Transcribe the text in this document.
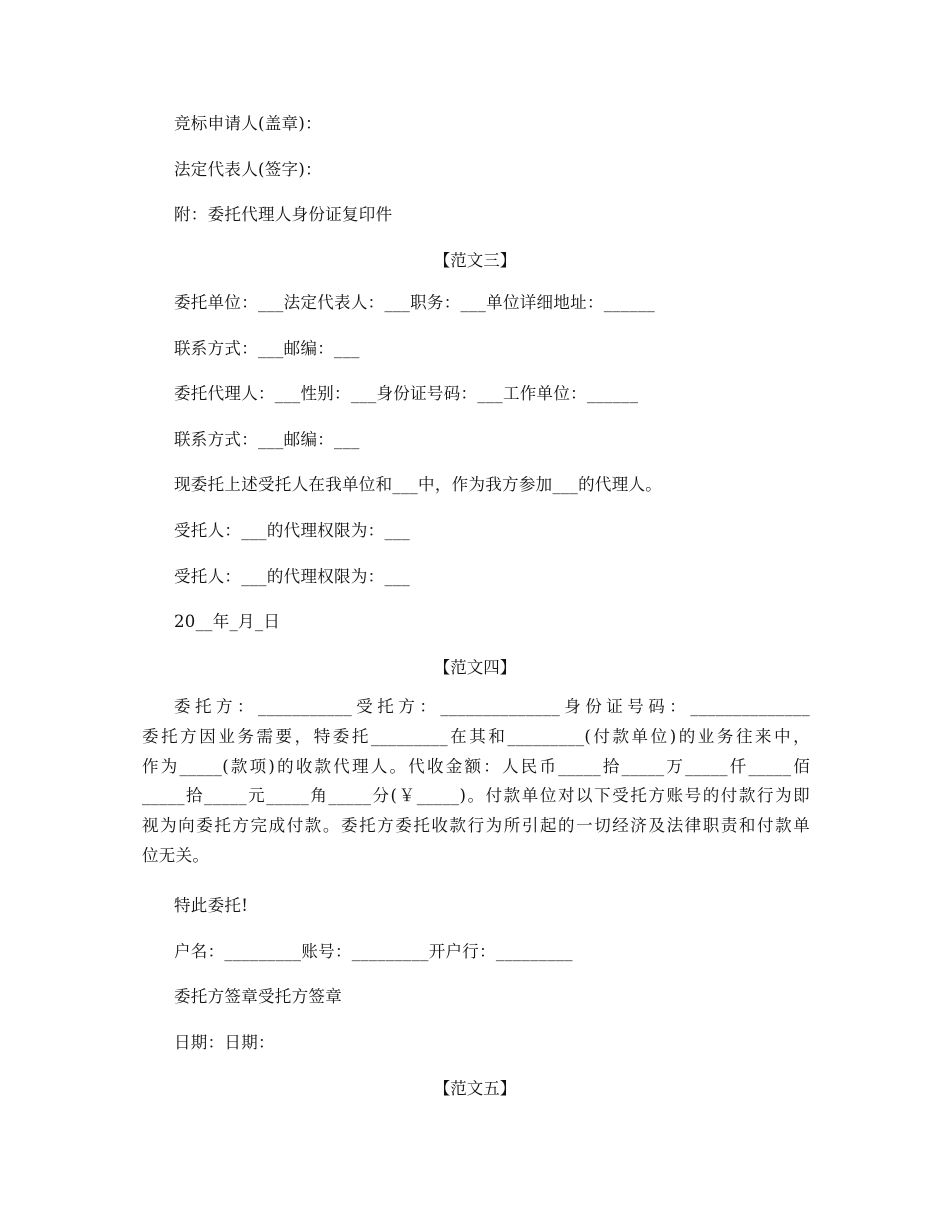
竞标申请人(盖章)：
法定代表人(签字)：
附：委托代理人身份证复印件
【范文三】
委托单位：___法定代表人：___职务：___单位详细地址：______
联系方式：___邮编：___
委托代理人：___性别：___身份证号码：___工作单位：______
联系方式：___邮编：___
现委托上述受托人在我单位和___中，作为我方参加___的代理人。
受托人：___的代理权限为：___
受托人：___的代理权限为：___
20__年_月_日
【范文四】
委托方：___________受托方：______________身份证号码：______________
委托方因业务需要，特委托_________在其和_________(付款单位)的业务往来中，
作为_____(款项)的收款代理人。代收金额：人民币_____拾_____万_____仟_____佰
_____拾_____元_____角_____分(￥_____)。付款单位对以下受托方账号的付款行为即
视为向委托方完成付款。委托方委托收款行为所引起的一切经济及法律职责和付款单
位无关。
特此委托!
户名：_________账号：_________开户行：_________
委托方签章受托方签章
日期：日期：
【范文五】
